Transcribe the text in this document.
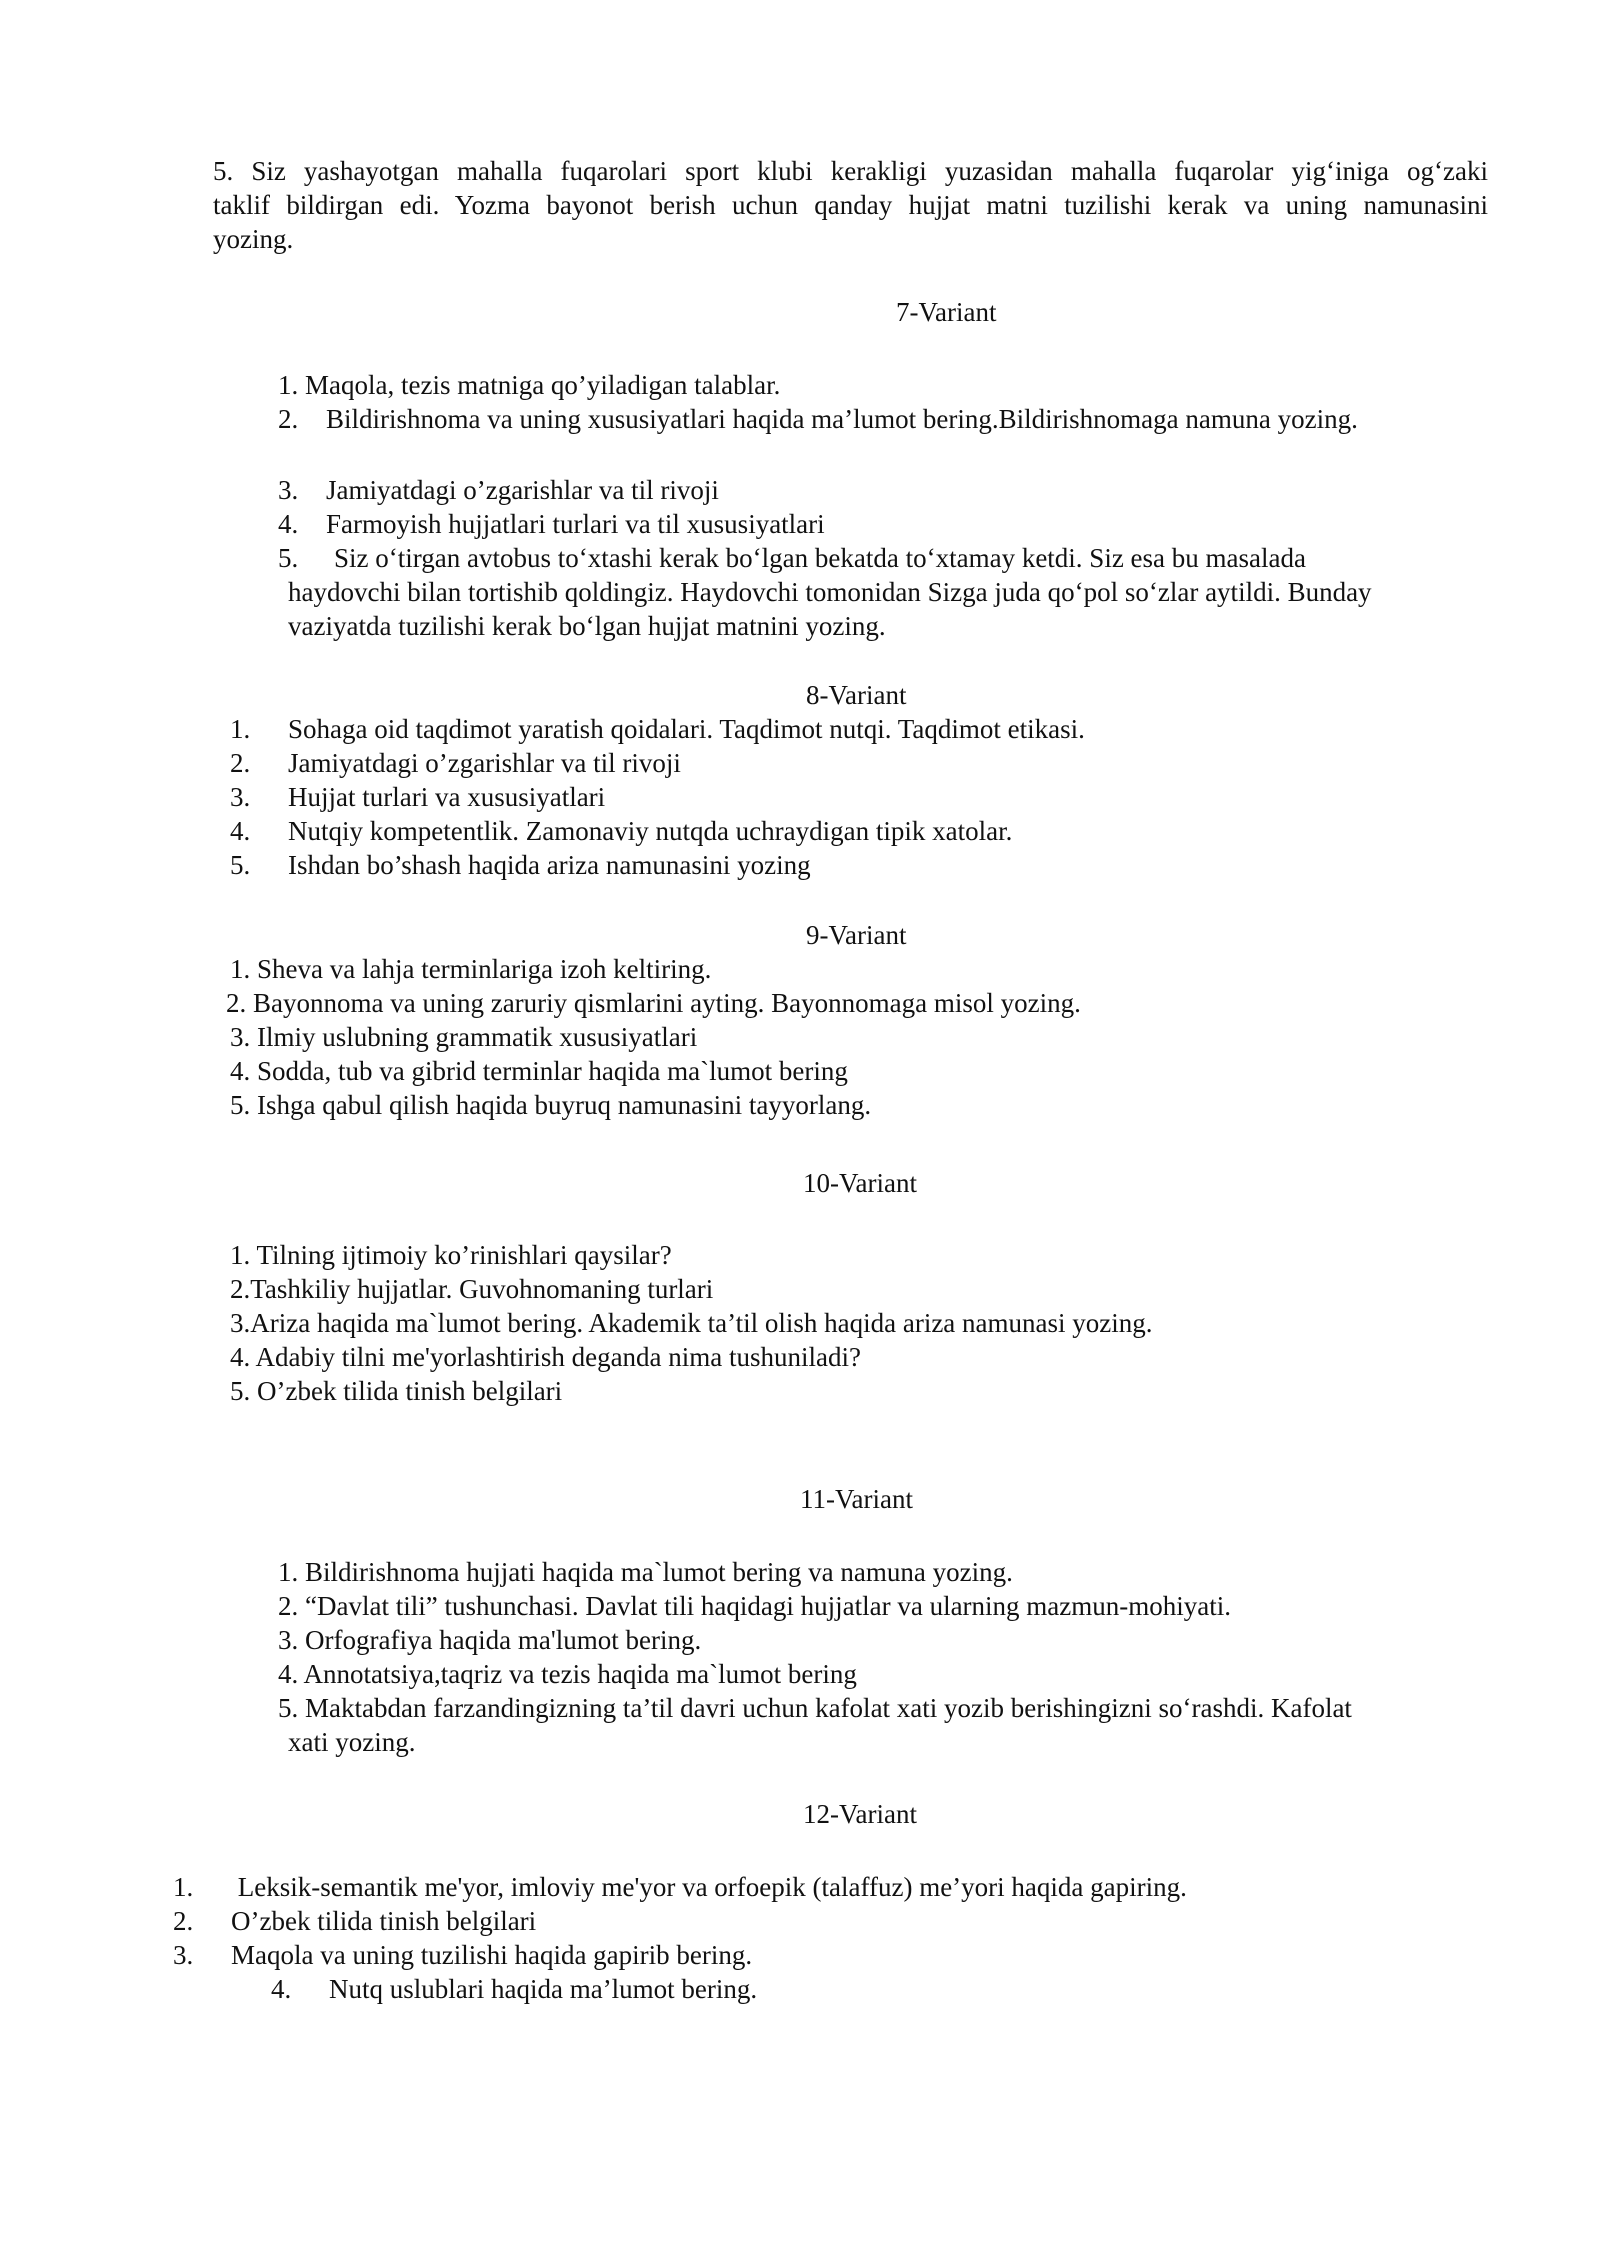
5. Siz yashayotgan mahalla fuqarolari sport klubi kerakligi yuzasidan mahalla fuqarolar yig‘iniga og‘zaki
taklif bildirgan edi. Yozma bayonot berish uchun qanday hujjat matni tuzilishi kerak va uning namunasini
yozing.
7-Variant
1. Maqola, tezis matniga qo’yiladigan talablar.
2. Bildirishnoma va uning xususiyatlari haqida ma’lumot bering.Bildirishnomaga namuna yozing.
3. Jamiyatdagi o’zgarishlar va til rivoji
4. Farmoyish hujjatlari turlari va til xususiyatlari
5. Siz o‘tirgan avtobus to‘xtashi kerak bo‘lgan bekatda to‘xtamay ketdi. Siz esa bu masalada
haydovchi bilan tortishib qoldingiz. Haydovchi tomonidan Sizga juda qo‘pol so‘zlar aytildi. Bunday
vaziyatda tuzilishi kerak bo‘lgan hujjat matnini yozing.
8-Variant
1. Sohaga oid taqdimot yaratish qoidalari. Taqdimot nutqi. Taqdimot etikasi.
2. Jamiyatdagi o’zgarishlar va til rivoji
3. Hujjat turlari va xususiyatlari
4. Nutqiy kompetentlik. Zamonaviy nutqda uchraydigan tipik xatolar.
5. Ishdan bo’shash haqida ariza namunasini yozing
9-Variant
1. Sheva va lahja terminlariga izoh keltiring.
2. Bayonnoma va uning zaruriy qismlarini ayting. Bayonnomaga misol yozing.
3. Ilmiy uslubning grammatik xususiyatlari
4. Sodda, tub va gibrid terminlar haqida ma`lumot bering
5. Ishga qabul qilish haqida buyruq namunasini tayyorlang.
10-Variant
1. Tilning ijtimoiy ko’rinishlari qaysilar?
2.Tashkiliy hujjatlar. Guvohnomaning turlari
3.Ariza haqida ma`lumot bering. Akademik ta’til olish haqida ariza namunasi yozing.
4. Adabiy tilni me'yorlashtirish deganda nima tushuniladi?
5. O’zbek tilida tinish belgilari
11-Variant
1. Bildirishnoma hujjati haqida ma`lumot bering va namuna yozing.
2. “Davlat tili” tushunchasi. Davlat tili haqidagi hujjatlar va ularning mazmun-mohiyati.
3. Orfografiya haqida ma'lumot bering.
4. Annotatsiya,taqriz va tezis haqida ma`lumot bering
5. Maktabdan farzandingizning ta’til davri uchun kafolat xati yozib berishingizni so‘rashdi. Kafolat
xati yozing.
12-Variant
1. Leksik-semantik me'yor, imloviy me'yor va orfoepik (talaffuz) me’yori haqida gapiring.
2. O’zbek tilida tinish belgilari
3. Maqola va uning tuzilishi haqida gapirib bering.
4. Nutq uslublari haqida ma’lumot bering.
